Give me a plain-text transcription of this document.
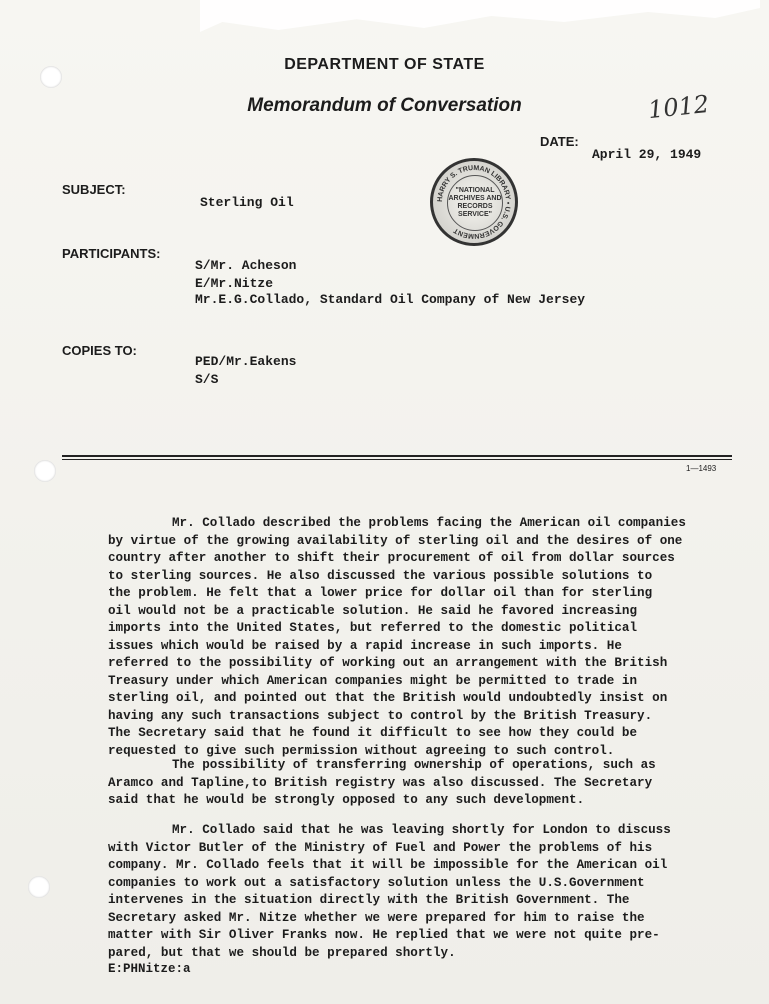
DEPARTMENT OF STATE
Memorandum of Conversation	1012
DATE:
April 29, 1949
SUBJECT:
Sterling Oil	HARRY S. TRUMAN LIBRARY • U.S. GOVERNMENT
"NATIONAL
ARCHIVES AND
RECORDS
SERVICE"
PARTICIPANTS:
S/Mr. Acheson
E/Mr.Nitze
Mr.E.G.Collado, Standard Oil Company of New Jersey
COPIES TO:
PED/Mr.Eakens
S/S
1—1493
Mr. Collado described the problems facing the American oil companies
by virtue of the growing availability of sterling oil and the desires of one
country after another to shift their procurement of oil from dollar sources
to sterling sources. He also discussed the various possible solutions to
the problem. He felt that a lower price for dollar oil than for sterling
oil would not be a practicable solution. He said he favored increasing
imports into the United States, but referred to the domestic political
issues which would be raised by a rapid increase in such imports. He
referred to the possibility of working out an arrangement with the British
Treasury under which American companies might be permitted to trade in
sterling oil, and pointed out that the British would undoubtedly insist on
having any such transactions subject to control by the British Treasury.
The Secretary said that he found it difficult to see how they could be
requested to give such permission without agreeing to such control.
The possibility of transferring ownership of operations, such as
Aramco and Tapline,to British registry was also discussed. The Secretary
said that he would be strongly opposed to any such development.
Mr. Collado said that he was leaving shortly for London to discuss
with Victor Butler of the Ministry of Fuel and Power the problems of his
company. Mr. Collado feels that it will be impossible for the American oil
companies to work out a satisfactory solution unless the U.S.Government
intervenes in the situation directly with the British Government. The
Secretary asked Mr. Nitze whether we were prepared for him to raise the
matter with Sir Oliver Franks now. He replied that we were not quite pre-
pared, but that we should be prepared shortly.
E:PHNitze:a
